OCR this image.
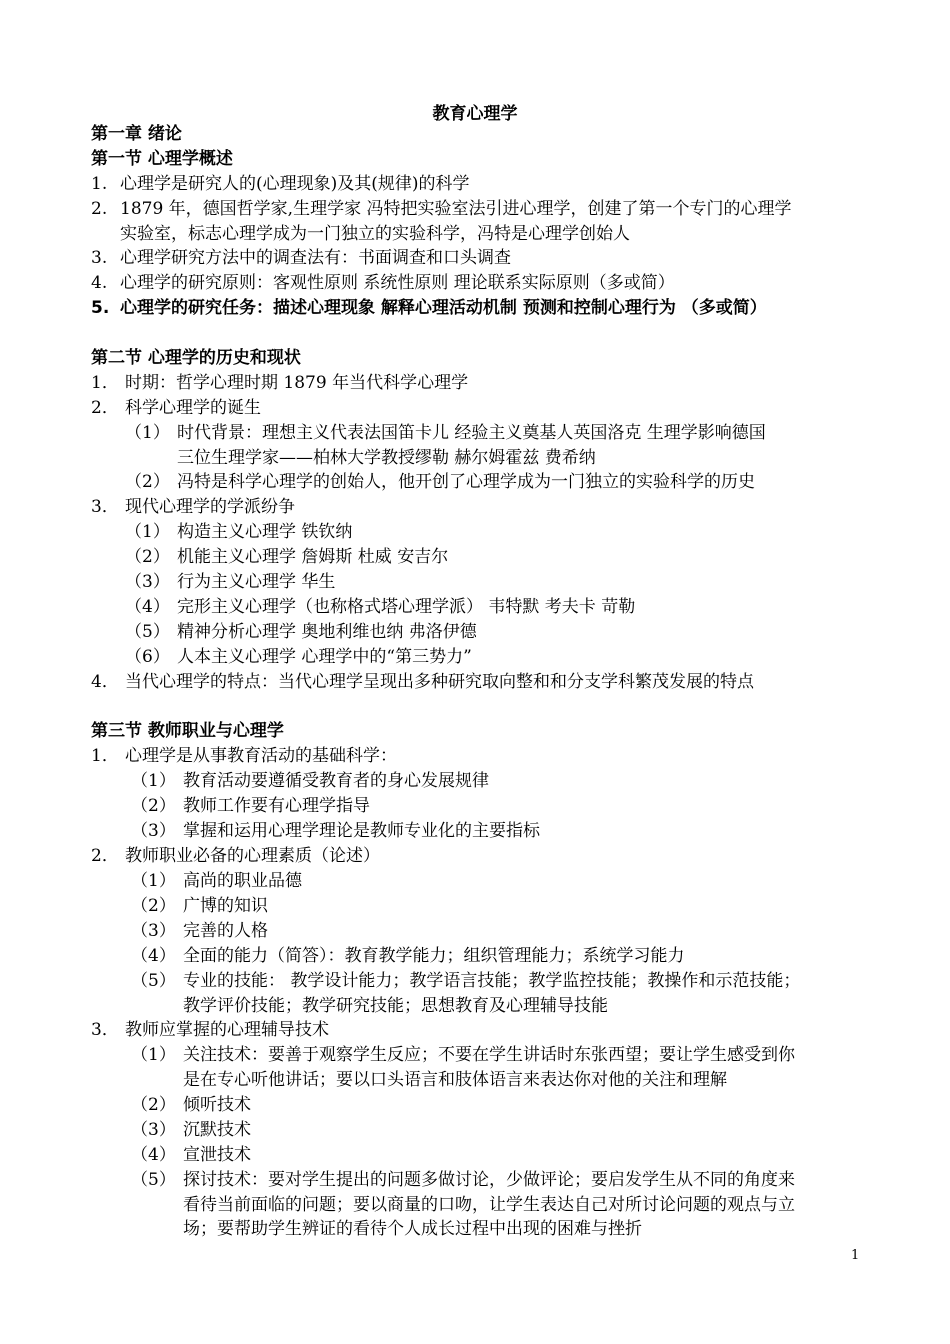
教育心理学
第一章 绪论
第一节 心理学概述
1. 心理学是研究人的(心理现象)及其(规律)的科学
2. 1879 年，德国哲学家,生理学家 冯特把实验室法引进心理学，创建了第一个专门的心理学
实验室，标志心理学成为一门独立的实验科学，冯特是心理学创始人
3. 心理学研究方法中的调查法有：书面调查和口头调查
4. 心理学的研究原则：客观性原则 系统性原则 理论联系实际原则（多或简）
5. 心理学的研究任务：描述心理现象 解释心理活动机制 预测和控制心理行为 （多或简）
第二节 心理学的历史和现状
1． 时期：哲学心理时期 1879 年当代科学心理学
2． 科学心理学的诞生
（1） 时代背景：理想主义代表法国笛卡儿 经验主义奠基人英国洛克 生理学影响德国
三位生理学家——柏林大学教授缪勒 赫尔姆霍兹 费希纳
（2） 冯特是科学心理学的创始人，他开创了心理学成为一门独立的实验科学的历史
3． 现代心理学的学派纷争
（1） 构造主义心理学 铁钦纳
（2） 机能主义心理学 詹姆斯 杜威 安吉尔
（3） 行为主义心理学 华生
（4） 完形主义心理学（也称格式塔心理学派） 韦特默 考夫卡 苛勒
（5） 精神分析心理学 奥地利维也纳 弗洛伊德
（6） 人本主义心理学 心理学中的“第三势力”
4． 当代心理学的特点：当代心理学呈现出多种研究取向整和和分支学科繁茂发展的特点
第三节 教师职业与心理学
1． 心理学是从事教育活动的基础科学：
（1） 教育活动要遵循受教育者的身心发展规律
（2） 教师工作要有心理学指导
（3） 掌握和运用心理学理论是教师专业化的主要指标
2． 教师职业必备的心理素质（论述）
（1） 高尚的职业品德
（2） 广博的知识
（3） 完善的人格
（4） 全面的能力（简答）：教育教学能力；组织管理能力；系统学习能力
（5） 专业的技能： 教学设计能力；教学语言技能；教学监控技能；教操作和示范技能；
教学评价技能；教学研究技能；思想教育及心理辅导技能
3． 教师应掌握的心理辅导技术
（1） 关注技术：要善于观察学生反应；不要在学生讲话时东张西望；要让学生感受到你
是在专心听他讲话；要以口头语言和肢体语言来表达你对他的关注和理解
（2） 倾听技术
（3） 沉默技术
（4） 宣泄技术
（5） 探讨技术：要对学生提出的问题多做讨论，少做评论；要启发学生从不同的角度来
看待当前面临的问题；要以商量的口吻，让学生表达自己对所讨论问题的观点与立
场；要帮助学生辨证的看待个人成长过程中出现的困难与挫折
1
